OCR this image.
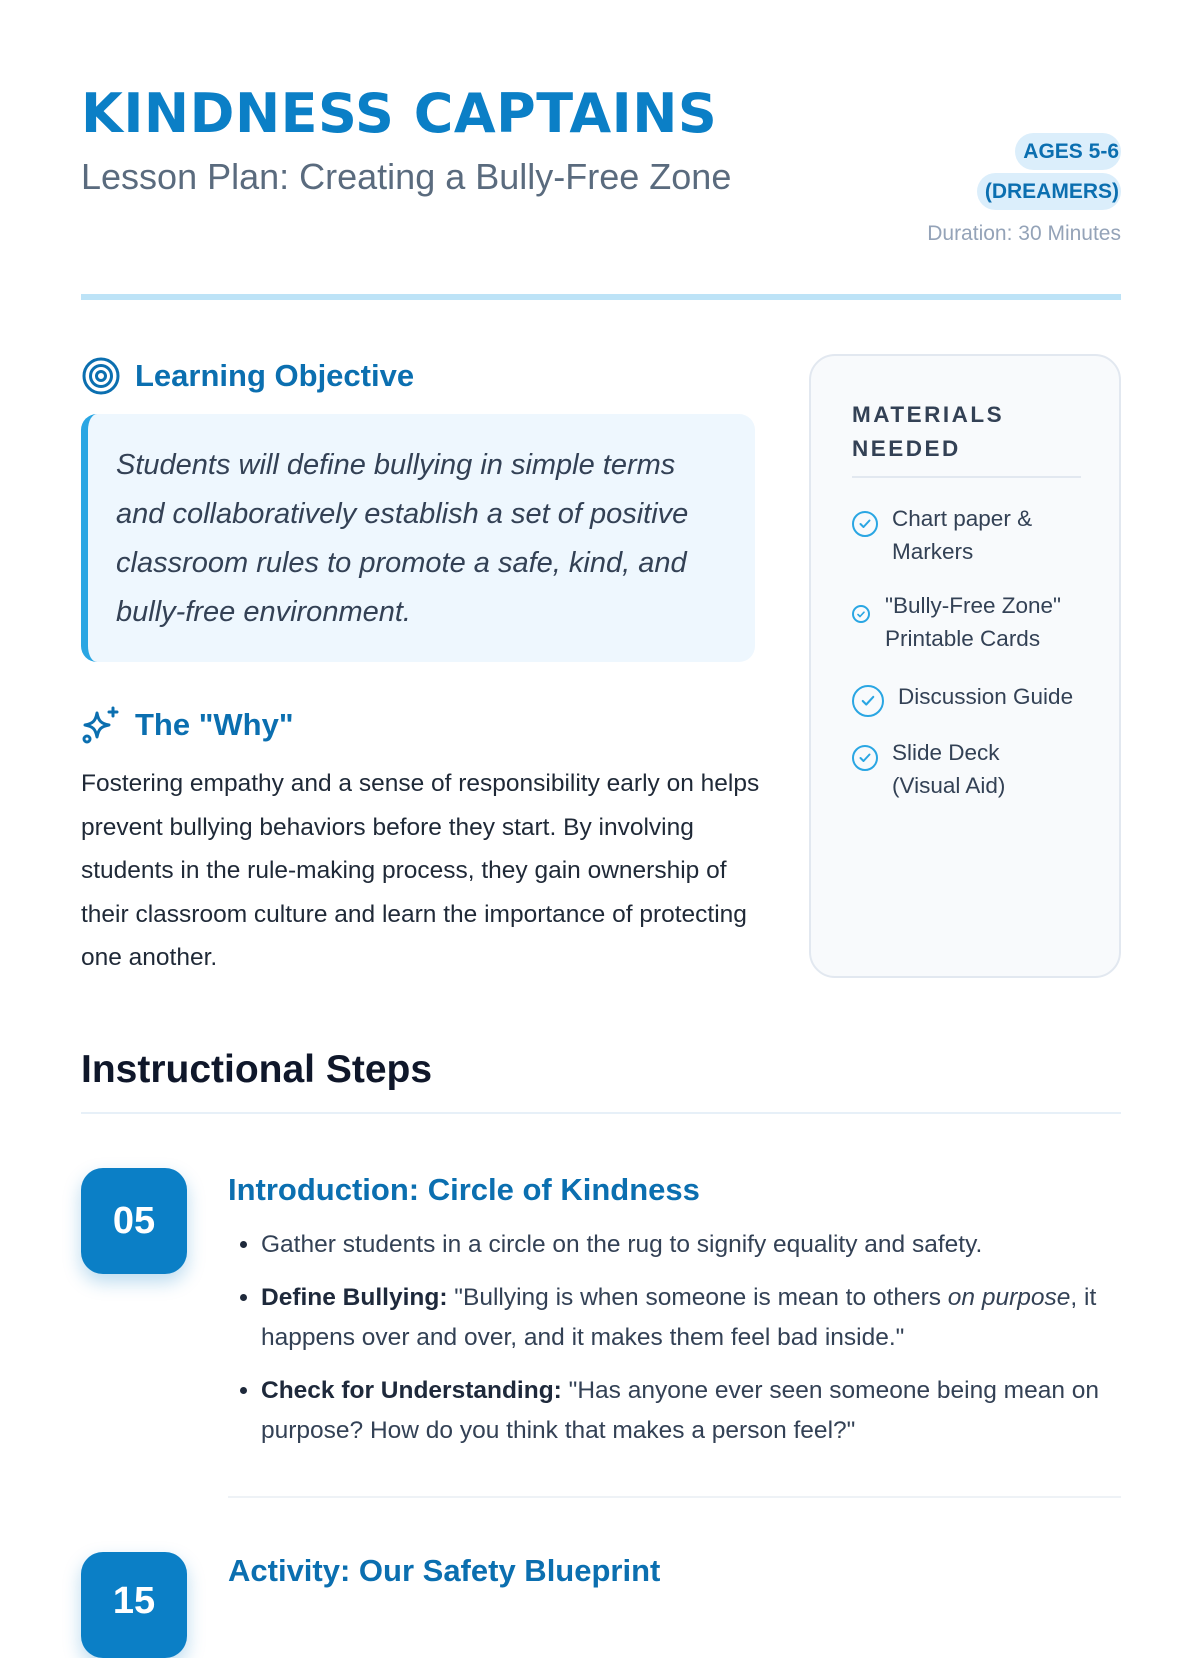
KINDNESS CAPTAINS
Lesson Plan: Creating a Bully-Free Zone
AGES 5-6 (DREAMERS)
Duration: 30 Minutes
Learning Objective
Students will define bullying in simple terms and collaboratively establish a set of positive classroom rules to promote a safe, kind, and bully-free environment.
The "Why"
Fostering empathy and a sense of responsibility early on helps prevent bullying behaviors before they start. By involving students in the rule-making process, they gain ownership of their classroom culture and learn the importance of protecting one another.
MATERIALS NEEDED
Chart paper & Markers
"Bully-Free Zone" Printable Cards
Discussion Guide
Slide Deck (Visual Aid)
Instructional Steps
05
Introduction: Circle of Kindness
• Gather students in a circle on the rug to signify equality and safety.
• Define Bullying: "Bullying is when someone is mean to others on purpose, it happens over and over, and it makes them feel bad inside."
• Check for Understanding: "Has anyone ever seen someone being mean on purpose? How do you think that makes a person feel?"
15
Activity: Our Safety Blueprint
